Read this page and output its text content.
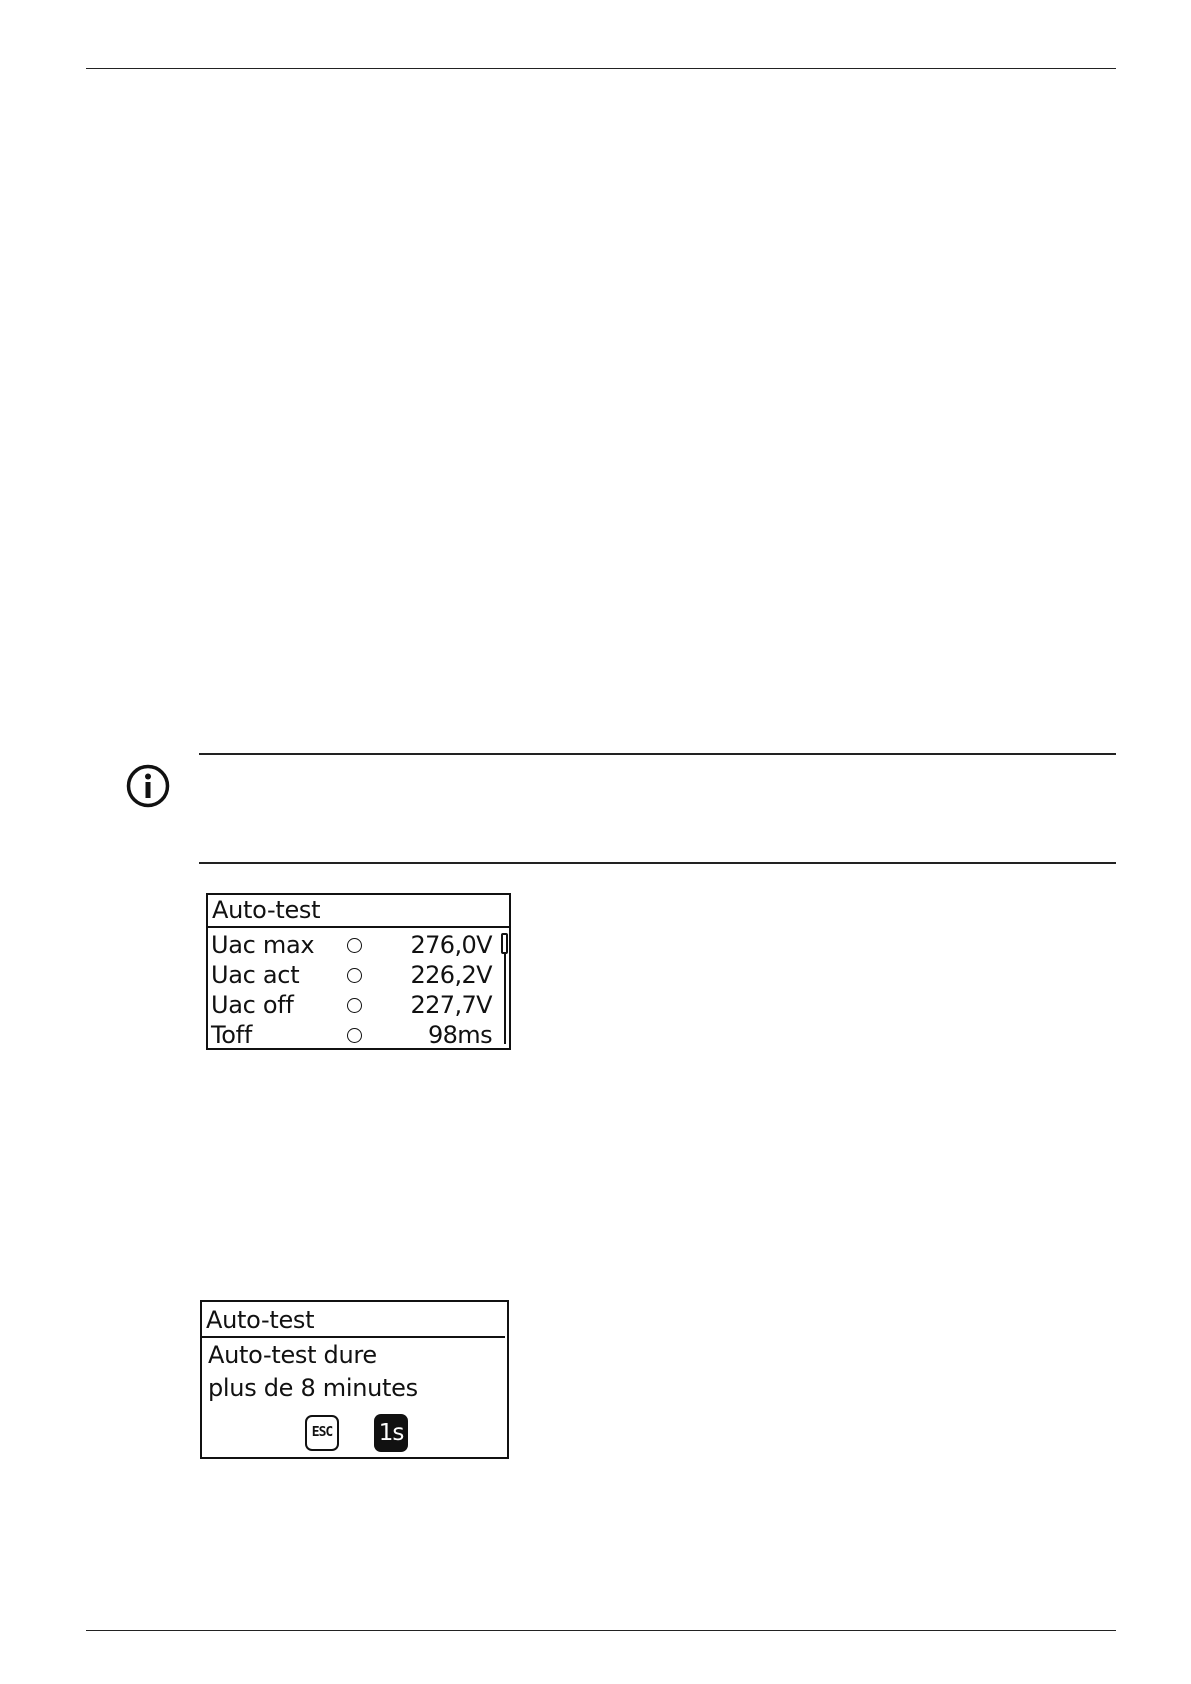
Auto-test
Uac max	276,0V
Uac act	226,2V
Uac off	227,7V
Toff	98ms
Auto-test
Auto-test dure
plus de 8 minutes
ESC 1s
